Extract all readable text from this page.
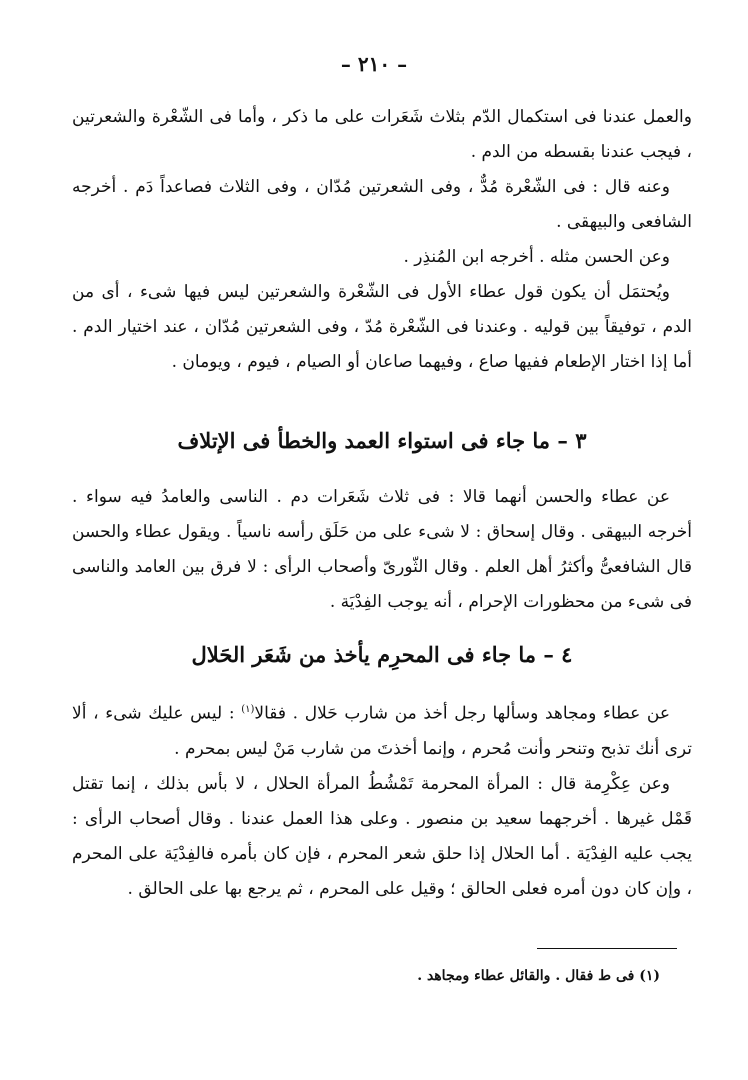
– ٢١٠ –

والعمل عندنا فى استكمال الدّم بثلاث شَعَرات على ما ذكر ، وأما فى الشّعْرة والشعرتين ، فيجب عندنا بقسطه من الدم .

وعنه قال : فى الشّعْرة مُدٌّ ، وفى الشعرتين مُدّان ، وفى الثلاث فصاعداً دَم . أخرجه الشافعى والبيهقى .

وعن الحسن مثله . أخرجه ابن المُنذِر .

ويُحتمَل أن يكون قول عطاء الأول فى الشّعْرة والشعرتين ليس فيها شىء ، أى من الدم ، توفيقاً بين قوليه . وعندنا فى الشّعْرة مُدّ ، وفى الشعرتين مُدّان ، عند اختيار الدم . أما إذا اختار الإطعام ففيها صاع ، وفيهما صاعان أو الصيام ، فيوم ، ويومان .

٣ – ما جاء فى استواء العمد والخطأ فى الإتلاف

عن عطاء والحسن أنهما قالا : فى ثلاث شَعَرات دم . الناسى والعامدُ فيه سواء . أخرجه البيهقى . وقال إسحاق : لا شىء على من حَلَق رأسه ناسياً . ويقول عطاء والحسن قال الشافعىُّ وأكثرُ أهل العلم . وقال الثّورىّ وأصحاب الرأى : لا فرق بين العامد والناسى فى شىء من محظورات الإحرام ، أنه يوجب الفِدْيَة .

٤ – ما جاء فى المحرِم يأخذ من شَعَر الحَلال

عن عطاء ومجاهد وسألها رجل أخذ من شارب حَلال . فقالا$^{(١)}$ : ليس عليك شىء ، ألا ترى أنك تذبح وتنحر وأنت مُحرم ، وإنما أخذتَ من شارب مَنْ ليس بمحرم .

وعن عِكْرِمة قال : المرأة المحرمة تَمْشُطُ المرأة الحلال ، لا بأس بذلك ، إنما تقتل قَمْل غيرها . أخرجهما سعيد بن منصور . وعلى هذا العمل عندنا . وقال أصحاب الرأى : يجب عليه الفِدْيَة . أما الحلال إذا حلق شعر المحرم ، فإن كان بأمره فالفِدْيَة على المحرم ، وإن كان دون أمره فعلى الحالق ؛ وقيل على المحرم ، ثم يرجع بها على الحالق .

(١) فى ط فقال . والقائل عطاء ومجاهد .
